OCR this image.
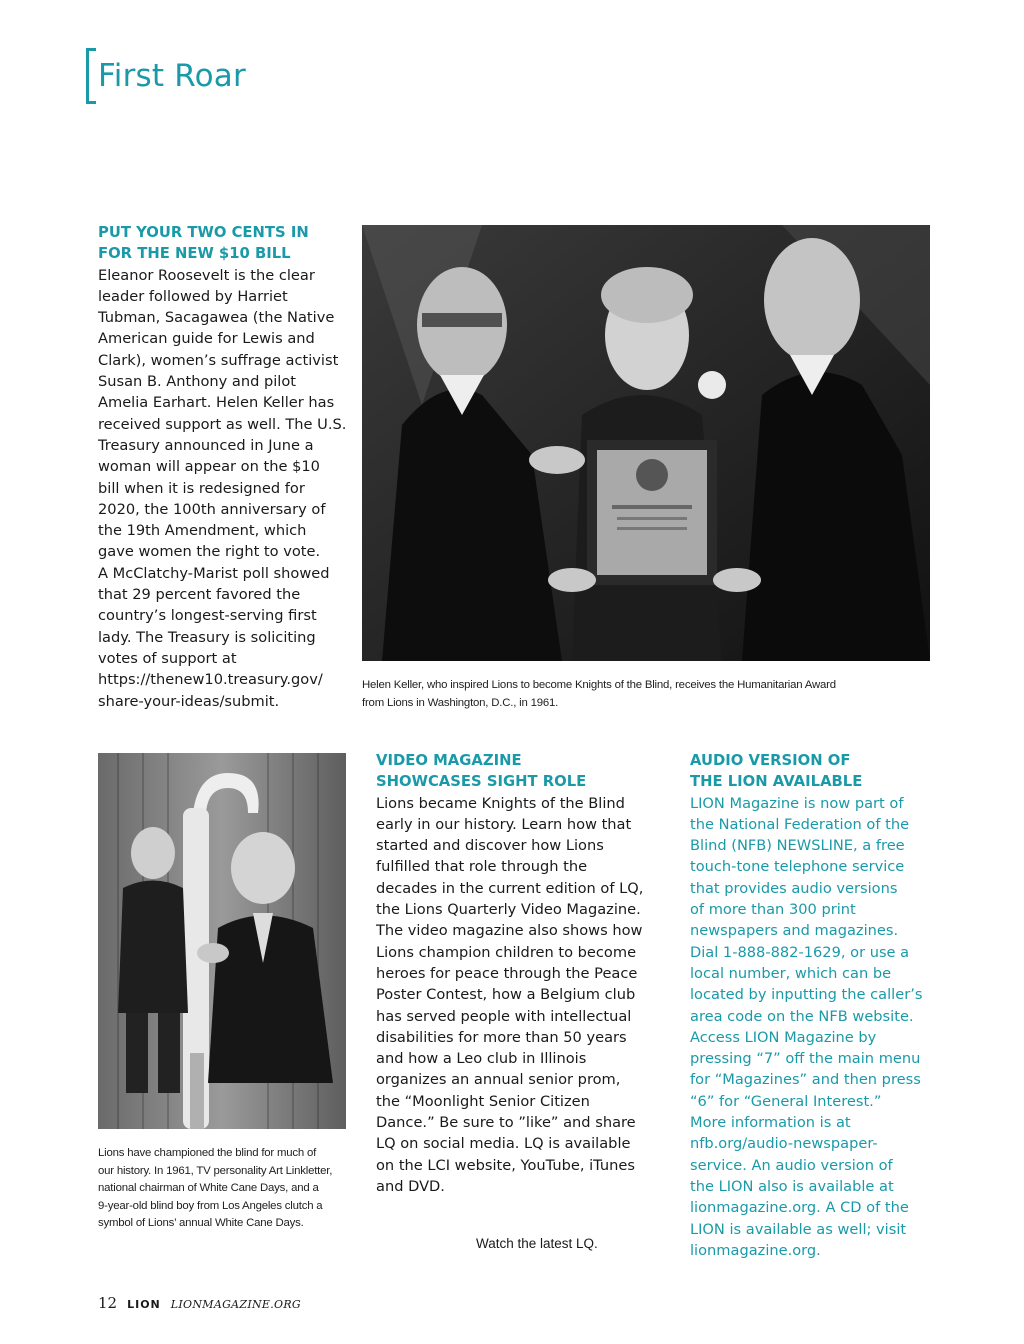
First Roar
PUT YOUR TWO CENTS IN
FOR THE NEW $10 BILL
Eleanor Roosevelt is the clear
leader followed by Harriet
Tubman, Sacagawea (the Native
American guide for Lewis and
Clark), women’s suffrage activist
Susan B. Anthony and pilot
Amelia Earhart. Helen Keller has
received support as well. The U.S.
Treasury announced in June a
woman will appear on the $10
bill when it is redesigned for
2020, the 100th anniversary of
the 19th Amendment, which
gave women the right to vote.
A McClatchy-Marist poll showed
that 29 percent favored the
country’s longest-serving first
lady. The Treasury is soliciting
votes of support at
https://thenew10.treasury.gov/
share-your-ideas/submit.
Helen Keller, who inspired Lions to become Knights of the Blind, receives the Humanitarian Award
from Lions in Washington, D.C., in 1961.
Lions have championed the blind for much of
our history. In 1961, TV personality Art Linkletter,
national chairman of White Cane Days, and a
9-year-old blind boy from Los Angeles clutch a
symbol of Lions’ annual White Cane Days.
VIDEO MAGAZINE
SHOWCASES SIGHT ROLE
Lions became Knights of the Blind
early in our history. Learn how that
started and discover how Lions
fulfilled that role through the
decades in the current edition of LQ,
the Lions Quarterly Video Magazine.
The video magazine also shows how
Lions champion children to become
heroes for peace through the Peace
Poster Contest, how a Belgium club
has served people with intellectual
disabilities for more than 50 years
and how a Leo club in Illinois
organizes an annual senior prom,
the “Moonlight Senior Citizen
Dance.” Be sure to ”like” and share
LQ on social media. LQ is available
on the LCI website, YouTube, iTunes
and DVD.
Watch the latest LQ.
AUDIO VERSION OF
THE LION AVAILABLE
LION Magazine is now part of
the National Federation of the
Blind (NFB) NEWSLINE, a free
touch-tone telephone service
that provides audio versions
of more than 300 print
newspapers and magazines.
Dial 1-888-882-1629, or use a
local number, which can be
located by inputting the caller’s
area code on the NFB website.
Access LION Magazine by
pressing “7” off the main menu
for “Magazines” and then press
“6” for “General Interest.”
More information is at
nfb.org/audio-newspaper-
service. An audio version of
the LION also is available at
lionmagazine.org. A CD of the
LION is available as well; visit
lionmagazine.org.
12 LION LIONMAGAZINE.ORG
